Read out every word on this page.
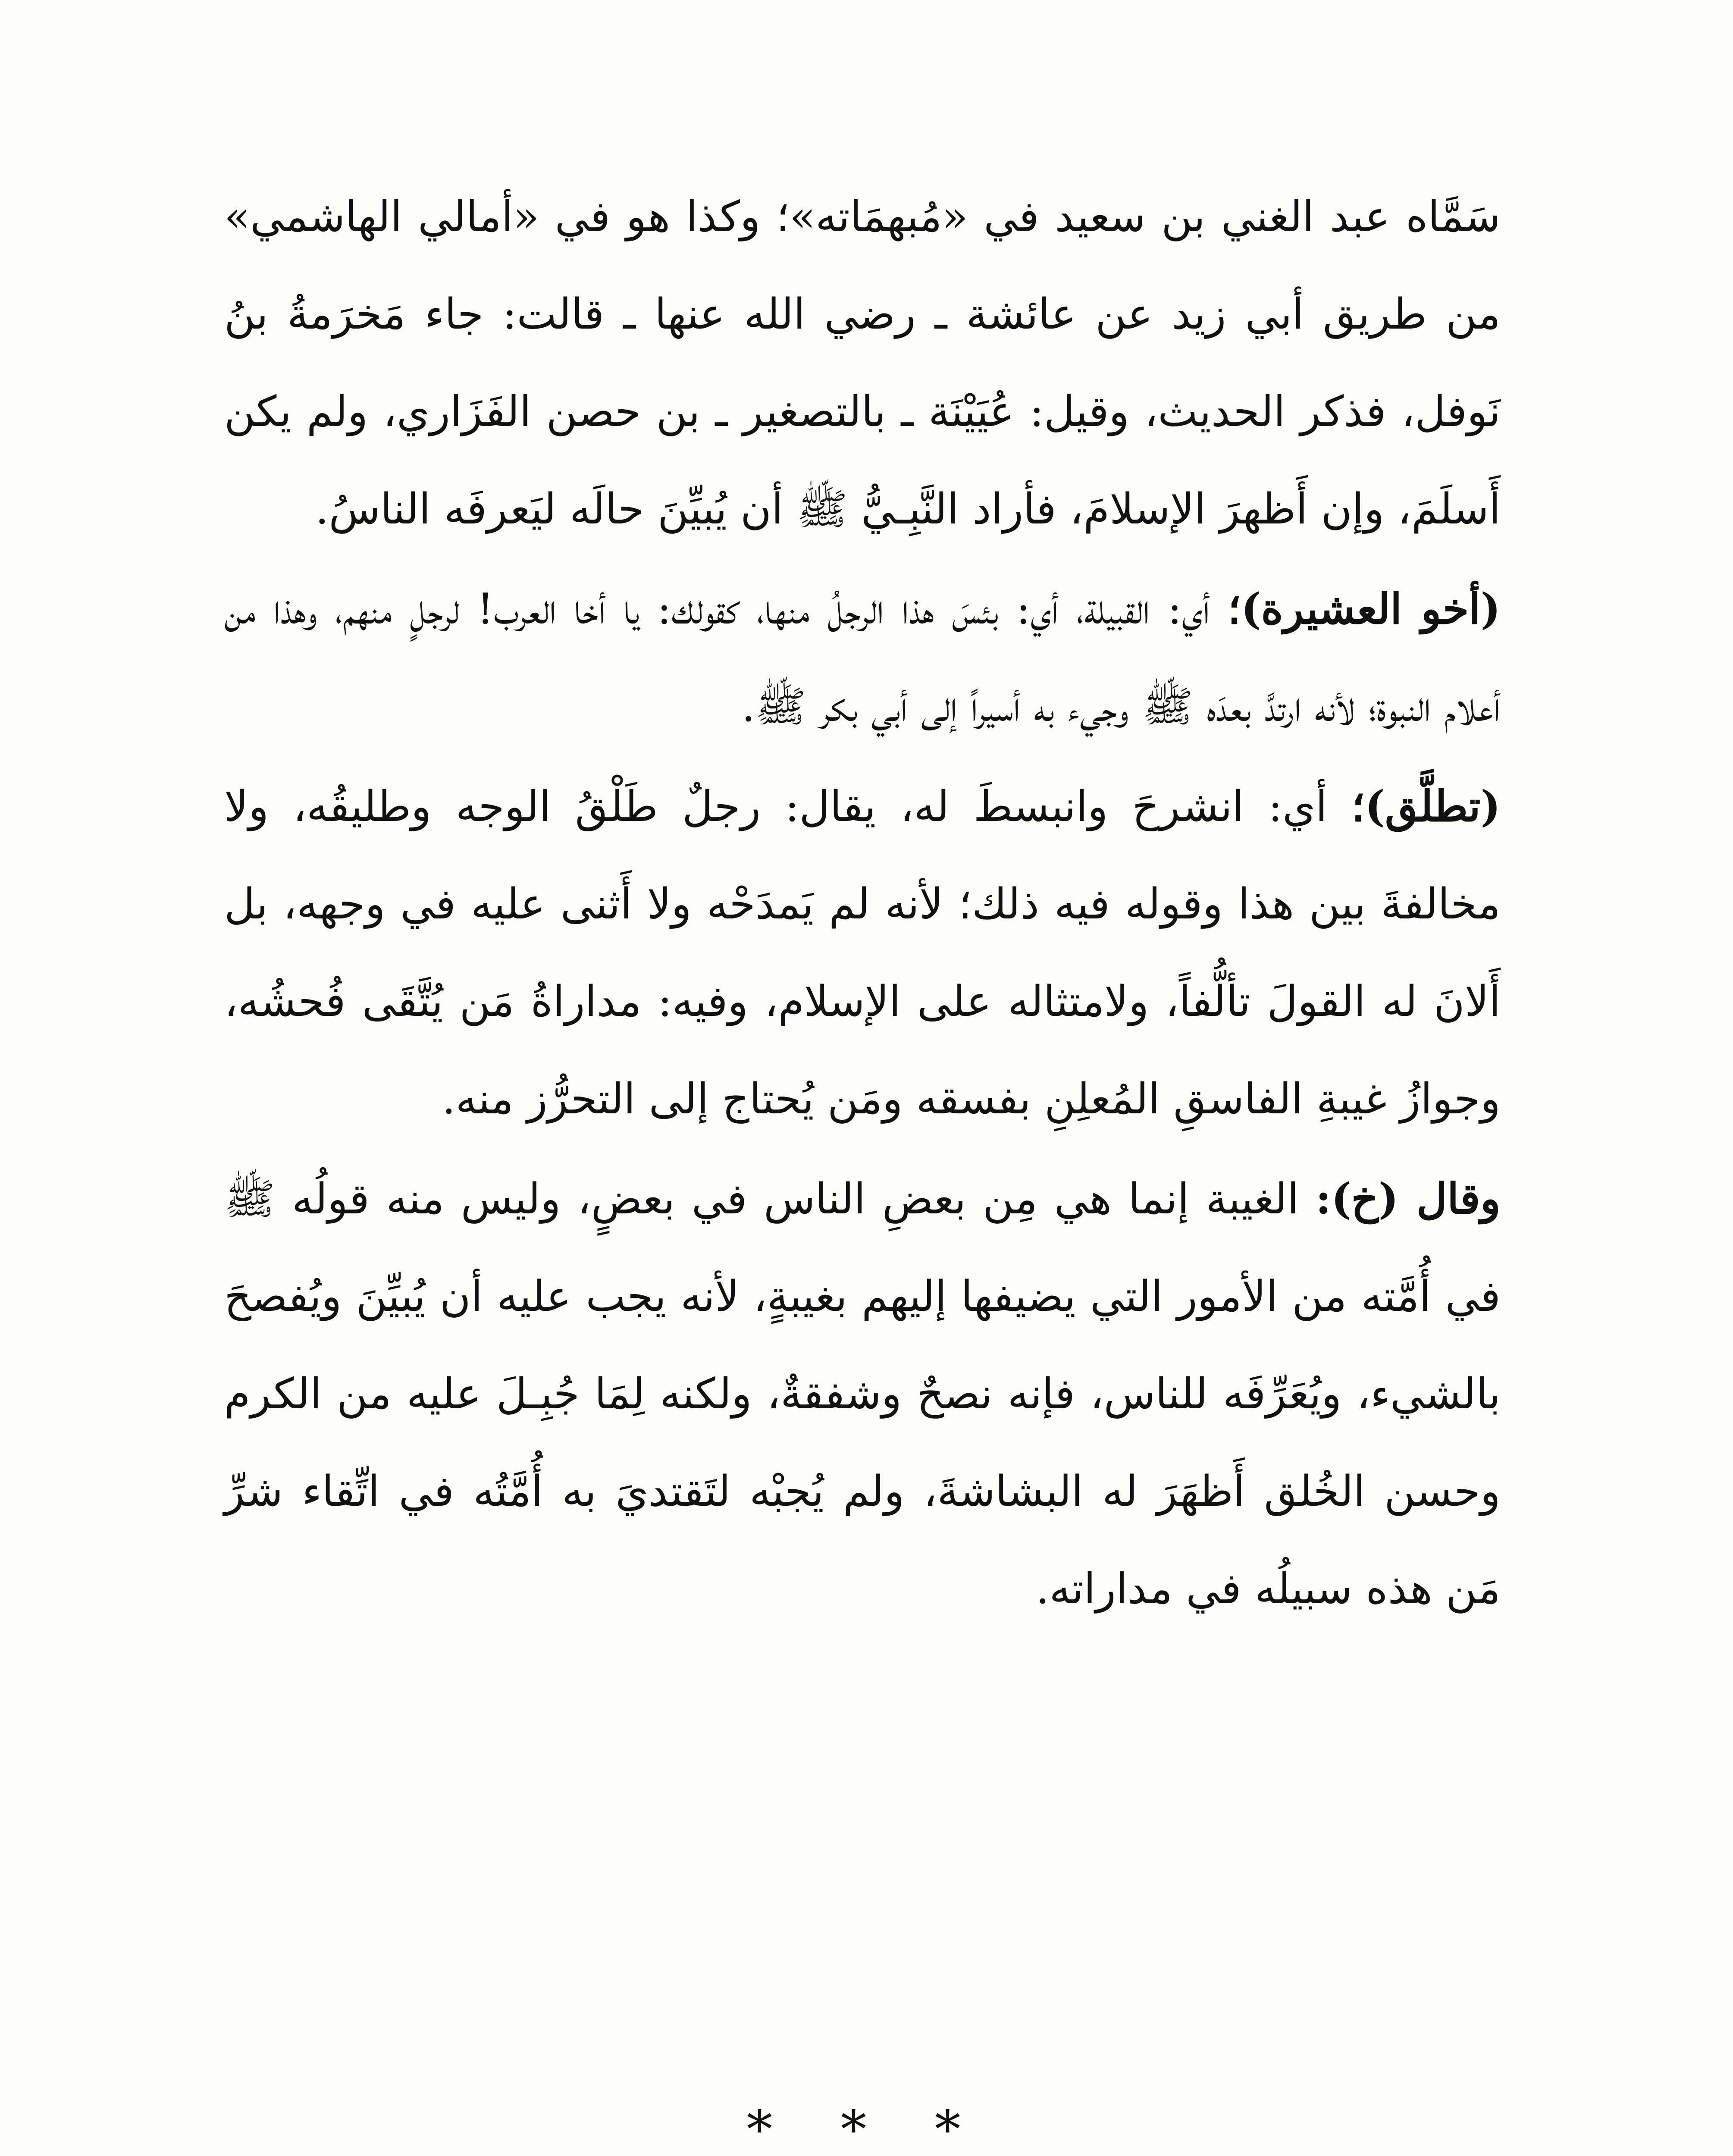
سَمَّاه عبد الغني بن سعيد في «مُبهمَاته»؛ وكذا هو في «أمالي الهاشمي» من طريق أبي زيد عن عائشة ـ رضي الله عنها ـ قالت: جاء مَخرَمةُ بنُ نَوفل، فذكر الحديث، وقيل: عُيَيْنَة ـ بالتصغير ـ بن حصن الفَزَاري، ولم يكن أَسلَمَ، وإن أَظهرَ الإسلامَ، فأراد النَّبِـيُّ ﷺ أن يُبيِّنَ حالَه ليَعرفَه الناسُ.

(أخو العشيرة)؛ أي: القبيلة، أي: بئسَ هذا الرجلُ منها، كقولك: يا أخا العرب! لرجلٍ منهم، وهذا من أعلام النبوة؛ لأنه ارتدَّ بعدَه ﷺ وجيء به أسيراً إلى أبي بكر ﷺ.

(تطلَّق)؛ أي: انشرحَ وانبسطَ له، يقال: رجلٌ طَلْقُ الوجه وطليقُه، ولا مخالفةَ بين هذا وقوله فيه ذلك؛ لأنه لم يَمدَحْه ولا أَثنى عليه في وجهه، بل أَلانَ له القولَ تألُّفاً، ولامتثاله على الإسلام، وفيه: مداراةُ مَن يُتَّقَى فُحشُه، وجوازُ غيبةِ الفاسقِ المُعلِنِ بفسقه ومَن يُحتاج إلى التحرُّز منه.

وقال (خ): الغيبة إنما هي مِن بعضِ الناس في بعضٍ، وليس منه قولُه ﷺ في أُمَّته من الأمور التي يضيفها إليهم بغيبةٍ، لأنه يجب عليه أن يُبيِّنَ ويُفصحَ بالشيء، ويُعَرِّفَه للناس، فإنه نصحٌ وشفقةٌ، ولكنه لِمَا جُبِـلَ عليه من الكرم وحسن الخُلق أَظهَرَ له البشاشةَ، ولم يُجبْه لتَقتديَ به أُمَّتُه في اتِّقاء شرِّ مَن هذه سبيلُه في مداراته.

* * *
